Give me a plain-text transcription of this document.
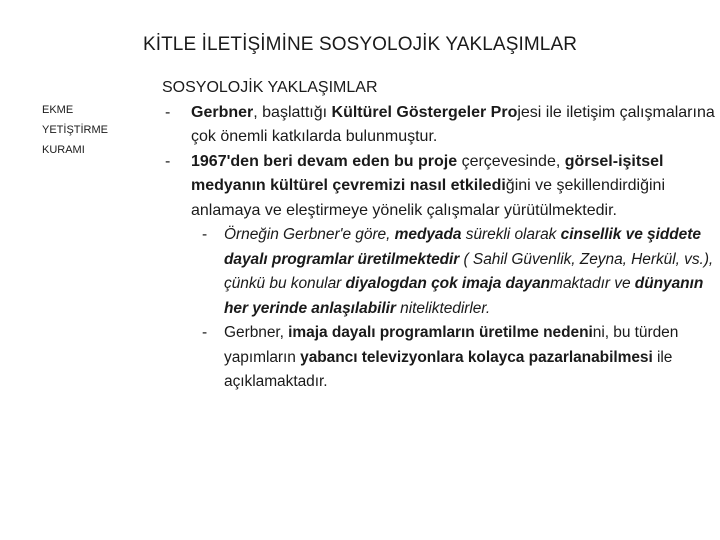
KİTLE İLETİŞİMİNE SOSYOLOJİK YAKLAŞIMLAR
EKME
YETİŞTİRME
KURAMI
SOSYOLOJİK YAKLAŞIMLAR
- Gerbner, başlattığı Kültürel Göstergeler Projesi ile iletişim çalışmalarına çok önemli katkılarda bulunmuştur.
- 1967'den beri devam eden bu proje çerçevesinde, görsel-işitsel medyanın kültürel çevremizi nasıl etkilediğini ve şekillendirdiğini anlamaya ve eleştirmeye yönelik çalışmalar yürütülmektedir.
- Örneğin Gerbner'e göre, medyada sürekli olarak cinsellik ve şiddete dayalı programlar üretilmektedir ( Sahil Güvenlik, Zeyna, Herkül, vs.), çünkü bu konular diyalogdan çok imaja dayanmaktadır ve dünyanın her yerinde anlaşılabilir niteliktedirler.
- Gerbner, imaja dayalı programların üretilme nedenini, bu türden yapımların yabancı televizyonlara kolayca pazarlanabilmesi ile açıklamaktadır.
